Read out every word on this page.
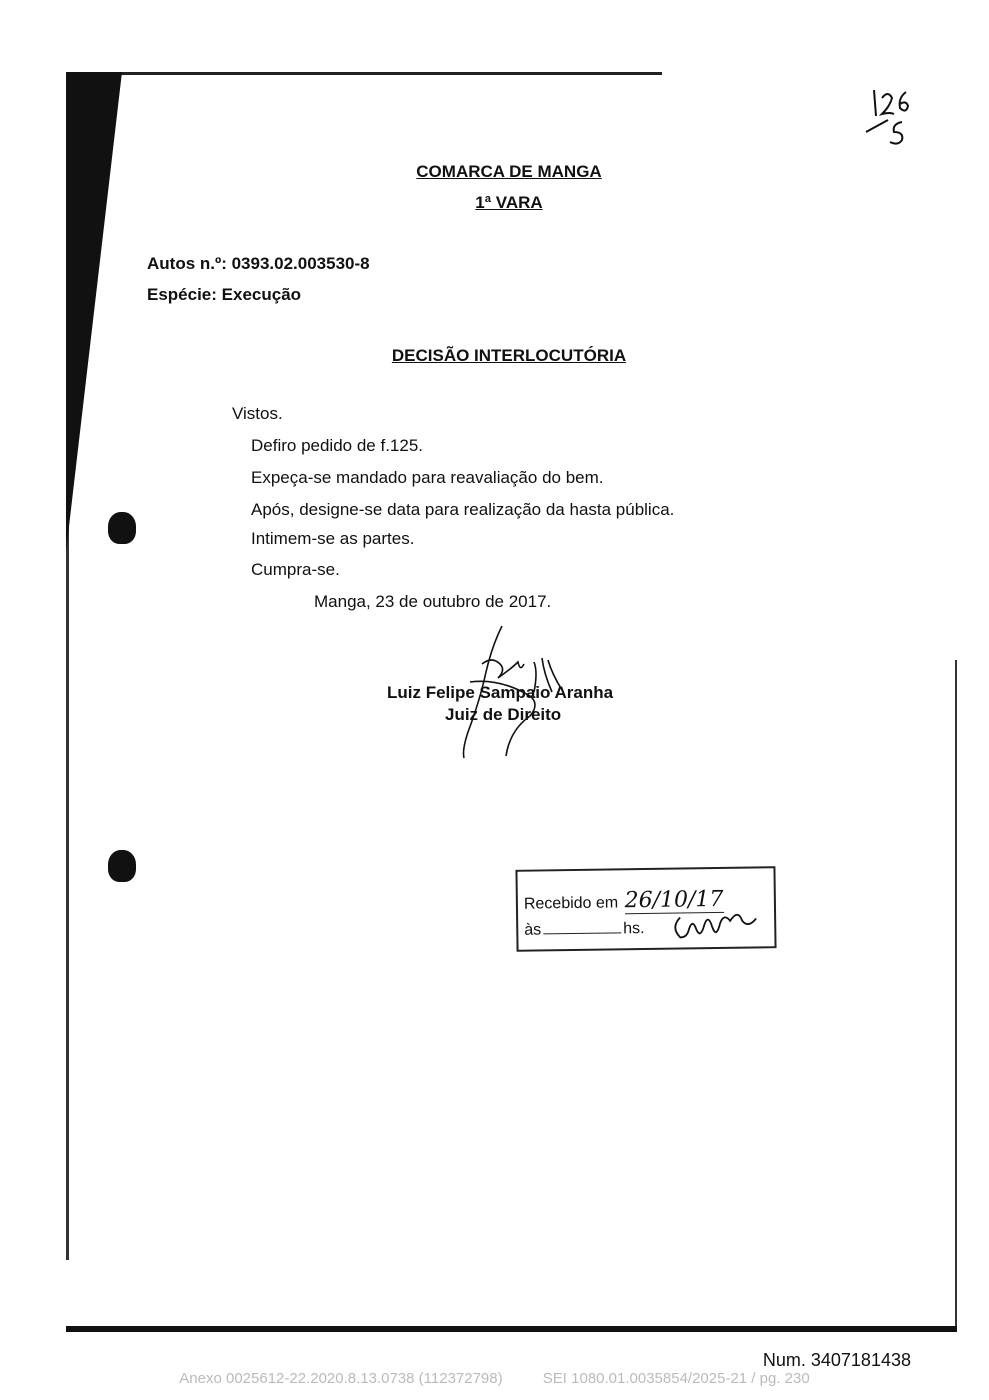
COMARCA DE MANGA
1ª VARA
Autos n.º: 0393.02.003530-8
Espécie: Execução
DECISÃO INTERLOCUTÓRIA
Vistos.
Defiro pedido de f.125.
Expeça-se mandado para reavaliação do bem.
Após, designe-se data para realização da hasta pública.
Intimem-se as partes.
Cumpra-se.
Manga, 23 de outubro de 2017.
Luiz Felipe Sampaio Aranha
Juiz de Direito
Recebido em 26/10/17
às	hs.
Num. 3407181438
Anexo 0025612-22.2020.8.13.0738 (112372798)	SEI 1080.01.0035854/2025-21 / pg. 230
